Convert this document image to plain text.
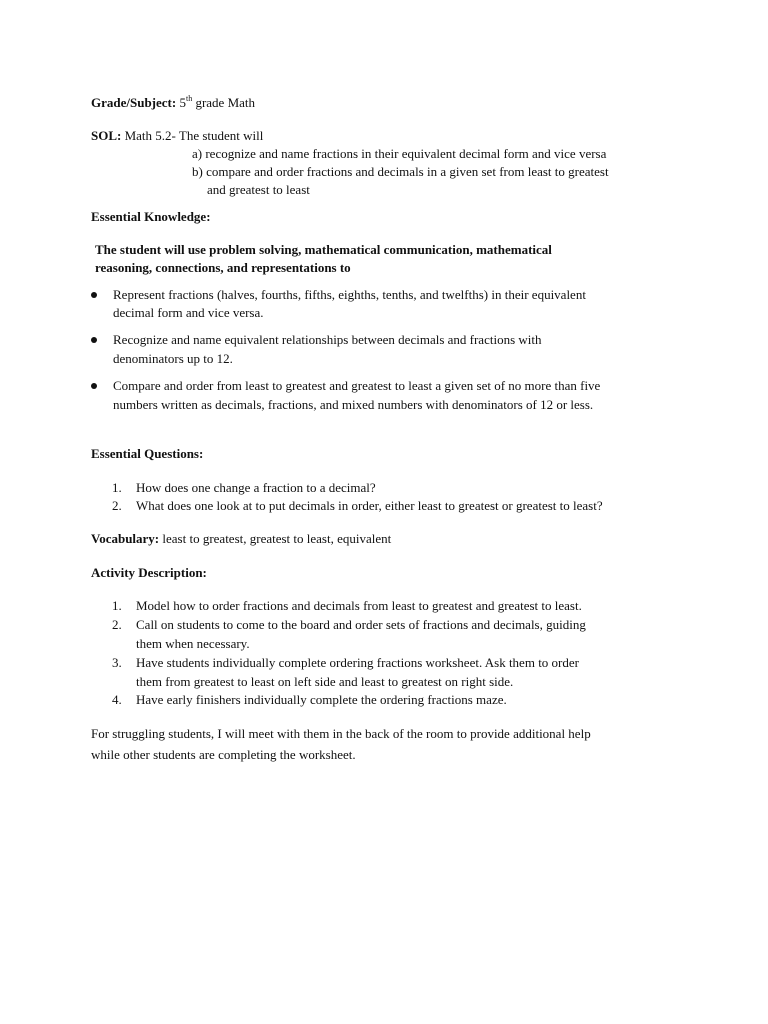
Grade/Subject: 5th grade Math
SOL: Math 5.2- The student will
a) recognize and name fractions in their equivalent decimal form and vice versa
b) compare and order fractions and decimals in a given set from least to greatest
and greatest to least
Essential Knowledge:
The student will use problem solving, mathematical communication, mathematical
reasoning, connections, and representations to
Represent fractions (halves, fourths, fifths, eighths, tenths, and twelfths) in their equivalent
decimal form and vice versa.
Recognize and name equivalent relationships between decimals and fractions with
denominators up to 12.
Compare and order from least to greatest and greatest to least a given set of no more than five
numbers written as decimals, fractions, and mixed numbers with denominators of 12 or less.
Essential Questions:
1. How does one change a fraction to a decimal?
2. What does one look at to put decimals in order, either least to greatest or greatest to least?
Vocabulary: least to greatest, greatest to least, equivalent
Activity Description:
1. Model how to order fractions and decimals from least to greatest and greatest to least.
2. Call on students to come to the board and order sets of fractions and decimals, guiding
them when necessary.
3. Have students individually complete ordering fractions worksheet. Ask them to order
them from greatest to least on left side and least to greatest on right side.
4. Have early finishers individually complete the ordering fractions maze.
For struggling students, I will meet with them in the back of the room to provide additional help
while other students are completing the worksheet.
